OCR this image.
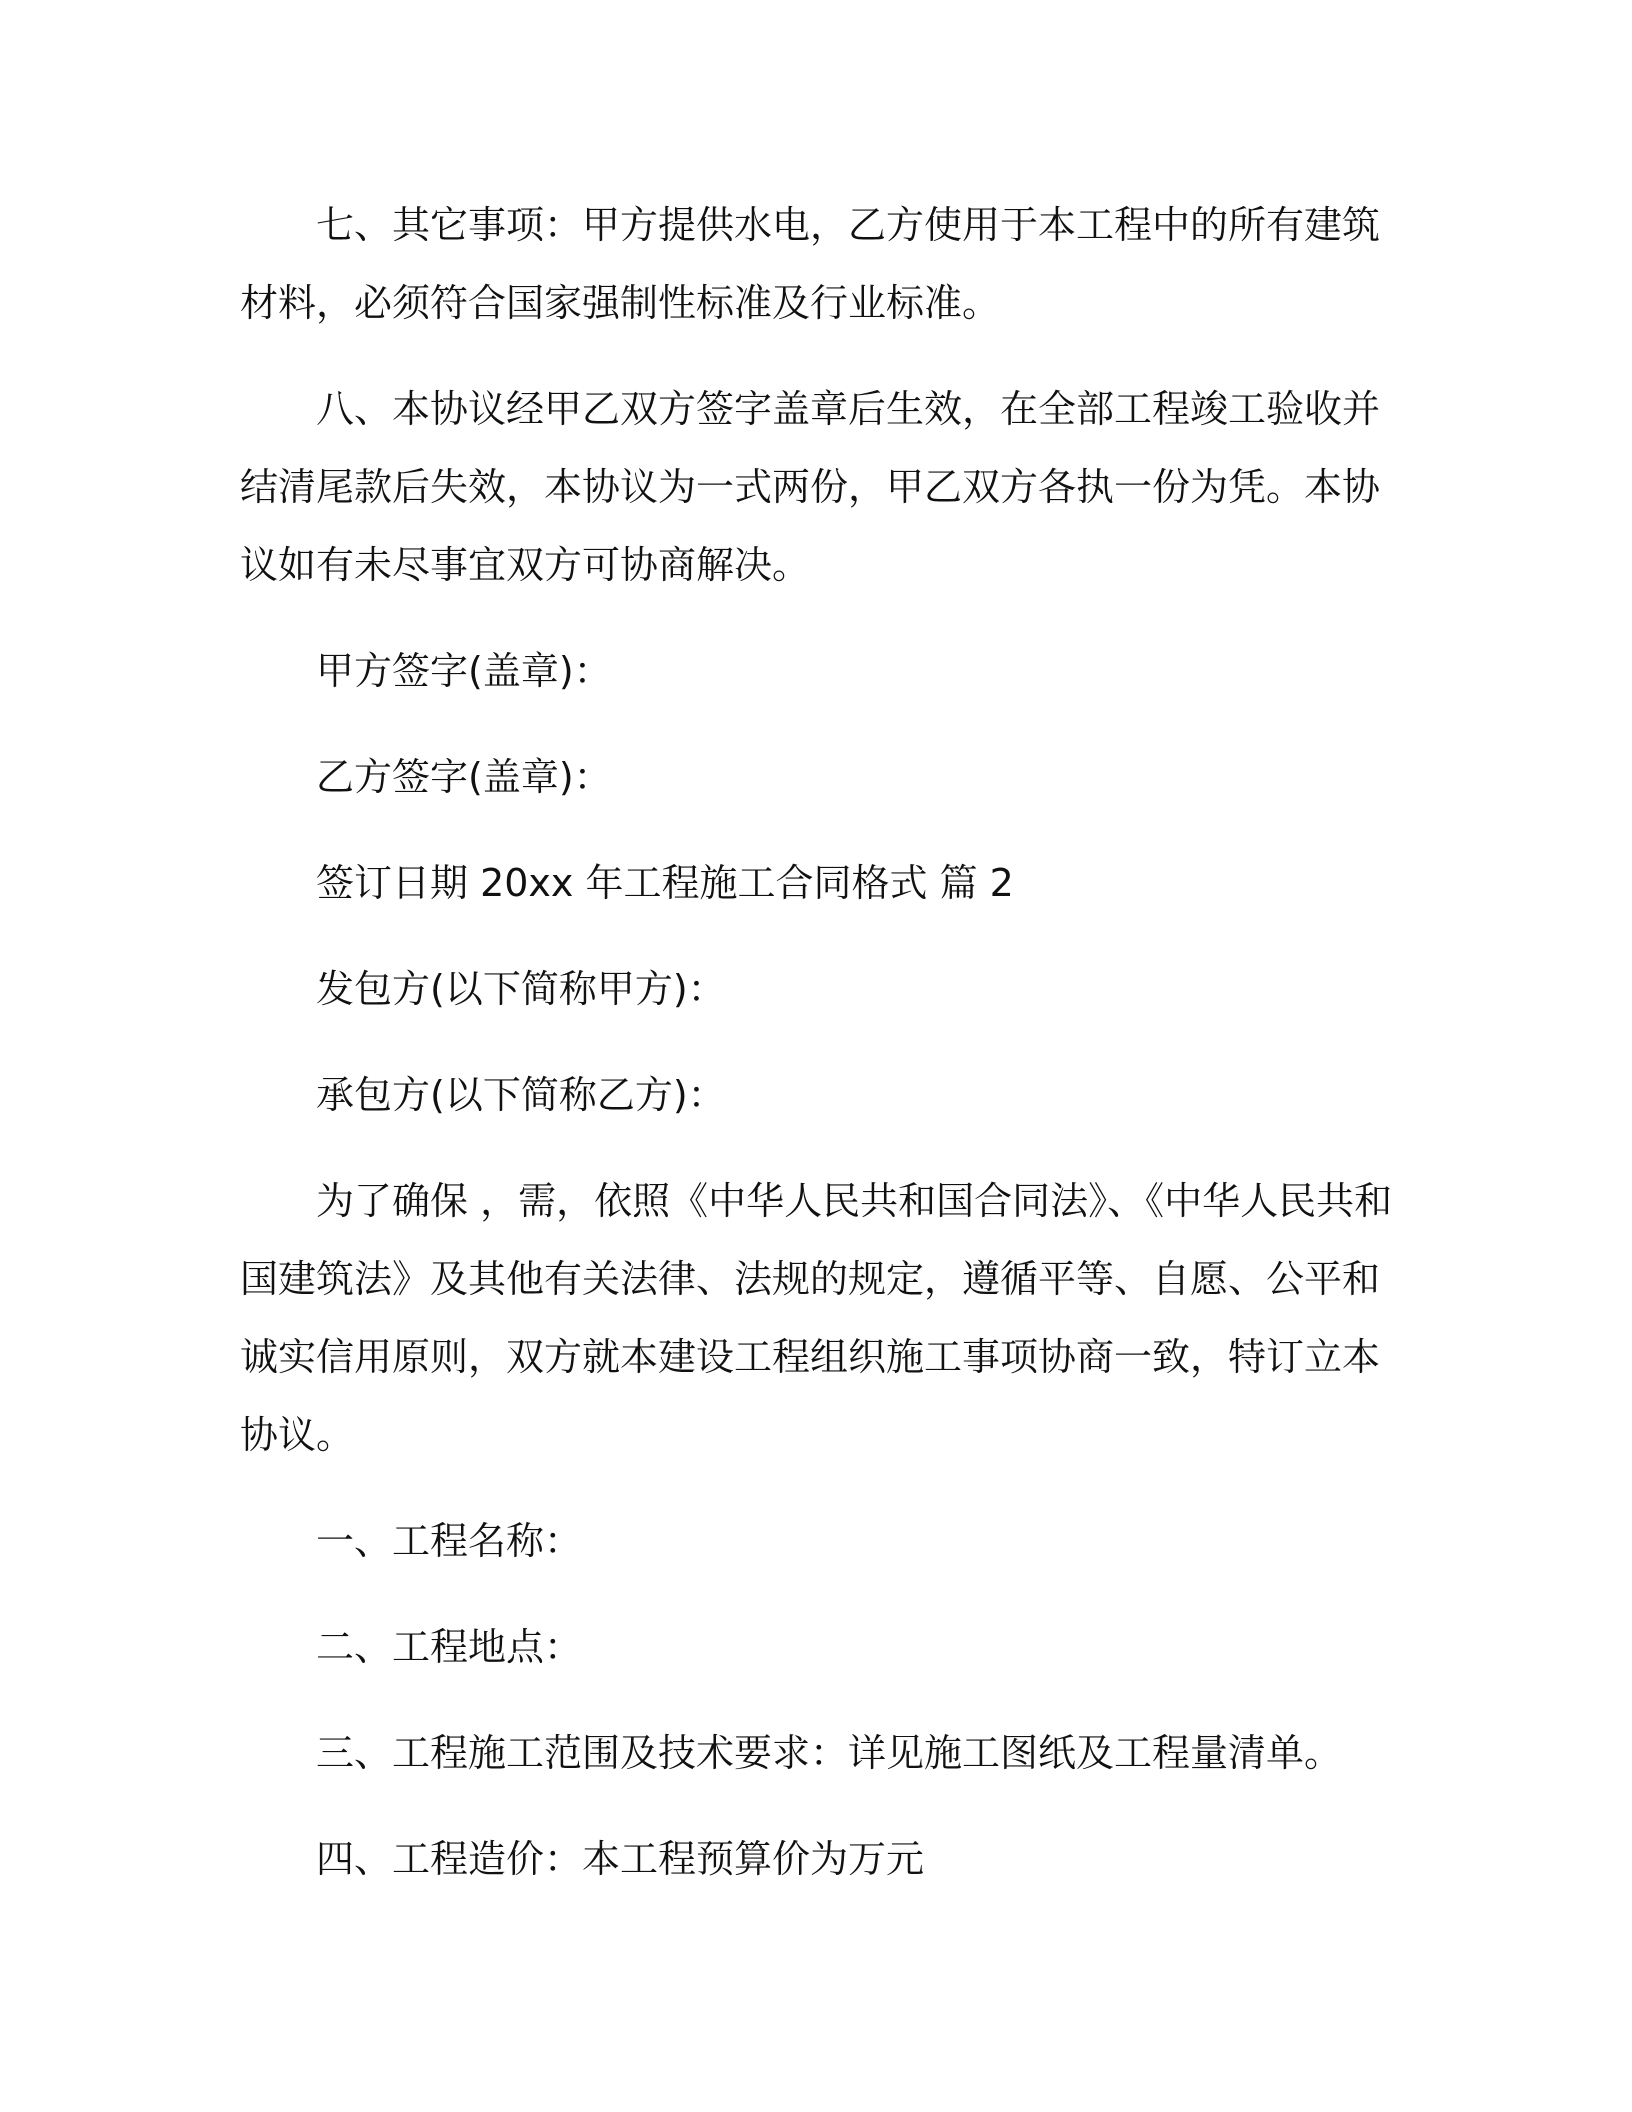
七、其它事项：甲方提供水电，乙方使用于本工程中的所有建筑材料，必须符合国家强制性标准及行业标准。

八、本协议经甲乙双方签字盖章后生效，在全部工程竣工验收并结清尾款后失效，本协议为一式两份，甲乙双方各执一份为凭。本协议如有未尽事宜双方可协商解决。

甲方签字(盖章)：

乙方签字(盖章)：

签订日期 20xx 年工程施工合同格式 篇 2

发包方(以下简称甲方)：

承包方(以下简称乙方)：

为了确保 ，需，依照《中华人民共和国合同法》、《中华人民共和国建筑法》及其他有关法律、法规的规定，遵循平等、自愿、公平和诚实信用原则，双方就本建设工程组织施工事项协商一致，特订立本协议。

一、工程名称：

二、工程地点：

三、工程施工范围及技术要求：详见施工图纸及工程量清单。

四、工程造价：本工程预算价为万元
